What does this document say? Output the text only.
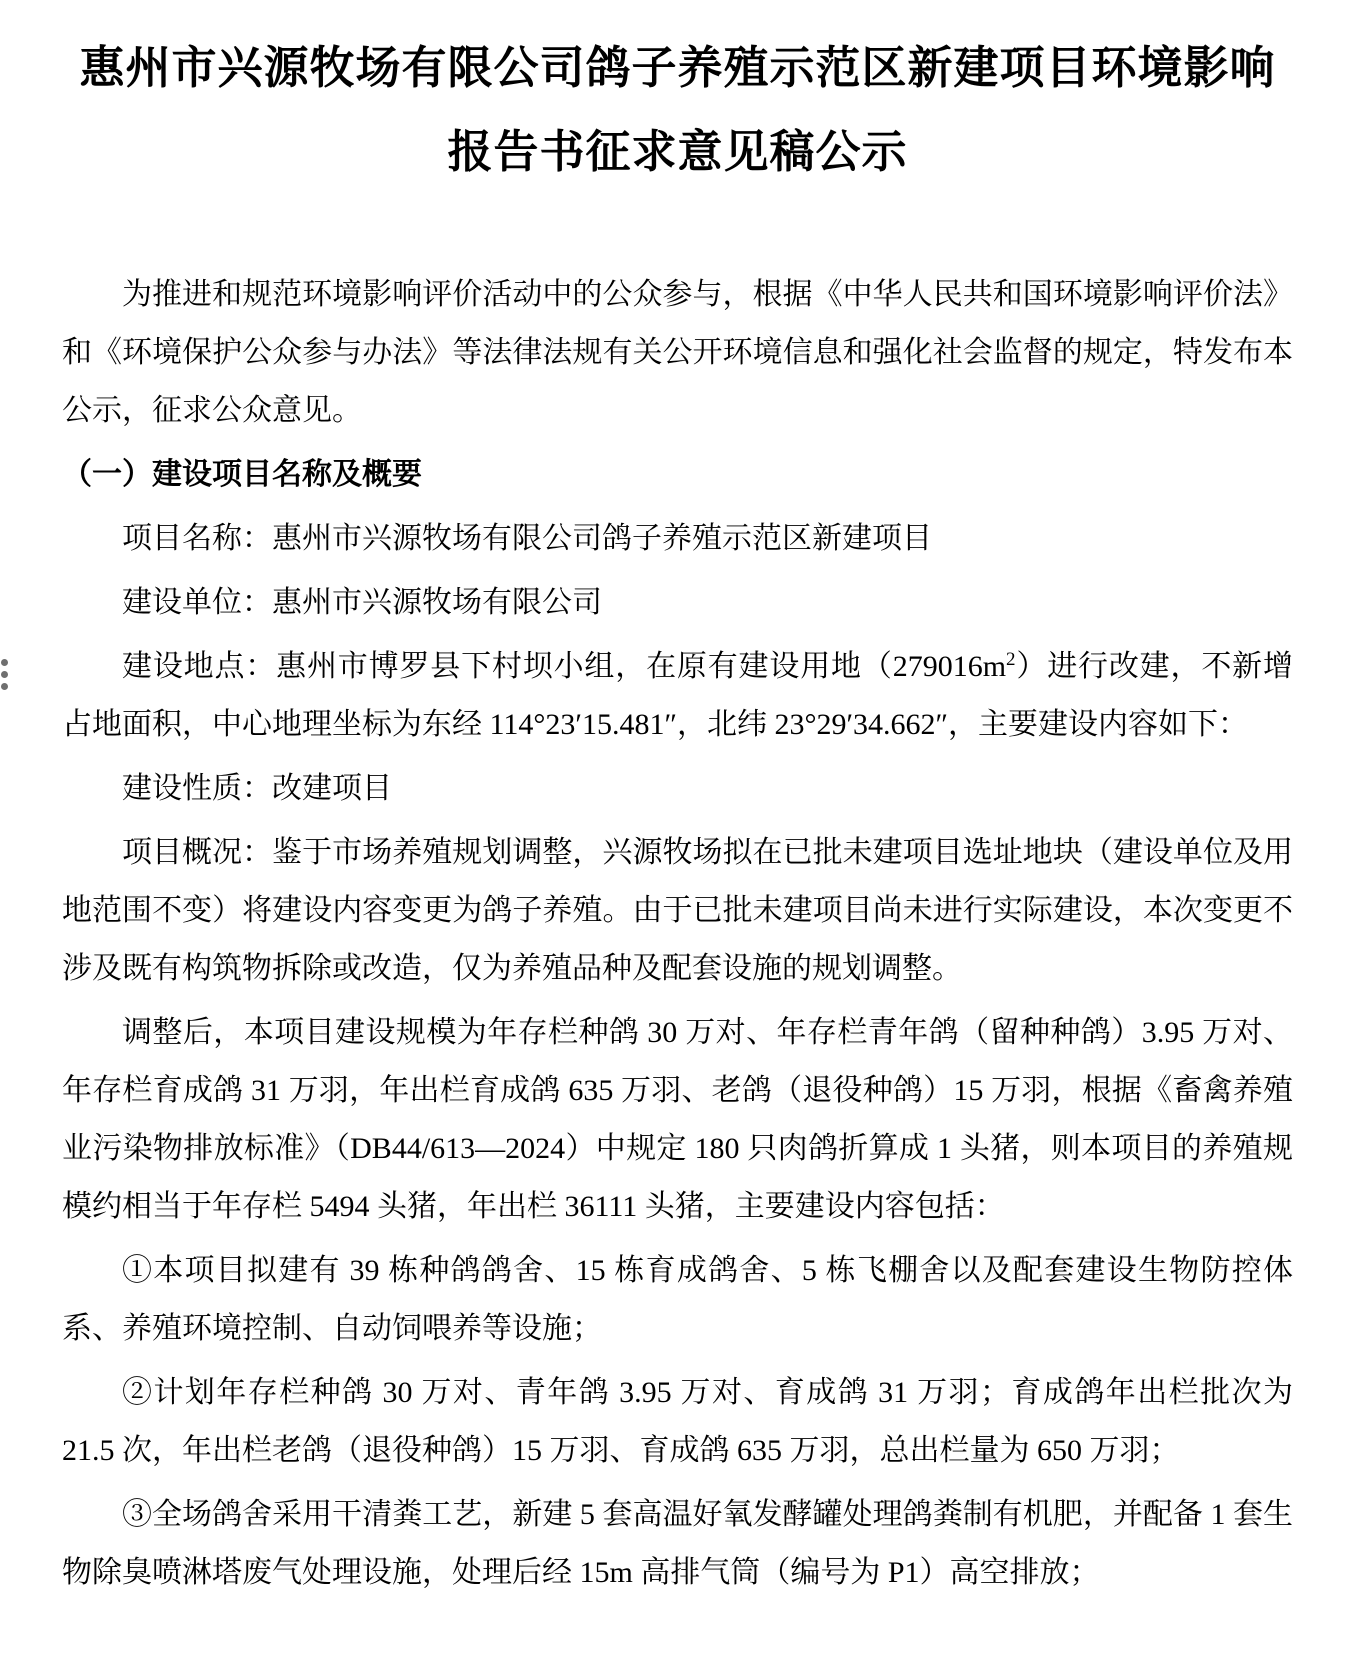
惠州市兴源牧场有限公司鸽子养殖示范区新建项目环境影响
报告书征求意见稿公示

为推进和规范环境影响评价活动中的公众参与，根据《中华人民共和国环境影响评价法》和《环境保护公众参与办法》等法律法规有关公开环境信息和强化社会监督的规定，特发布本公示，征求公众意见。

（一）建设项目名称及概要

项目名称：惠州市兴源牧场有限公司鸽子养殖示范区新建项目

建设单位：惠州市兴源牧场有限公司

建设地点：惠州市博罗县下村坝小组，在原有建设用地$(279016m^2)$进行改建，不新增占地面积，中心地理坐标为东经 114°23′15.481″，北纬 23°29′34.662″，主要建设内容如下：

建设性质：改建项目

项目概况：鉴于市场养殖规划调整，兴源牧场拟在已批未建项目选址地块（建设单位及用地范围不变）将建设内容变更为鸽子养殖。由于已批未建项目尚未进行实际建设，本次变更不涉及既有构筑物拆除或改造，仅为养殖品种及配套设施的规划调整。

调整后，本项目建设规模为年存栏种鸽 30 万对、年存栏青年鸽（留种种鸽）3.95 万对、年存栏育成鸽 31 万羽，年出栏育成鸽 635 万羽、老鸽（退役种鸽）15 万羽，根据《畜禽养殖业污染物排放标准》（DB44/613—2024）中规定 180 只肉鸽折算成 1 头猪，则本项目的养殖规模约相当于年存栏 5494 头猪，年出栏 36111 头猪，主要建设内容包括：

①本项目拟建有 39 栋种鸽鸽舍、15 栋育成鸽舍、5 栋飞棚舍以及配套建设生物防控体系、养殖环境控制、自动饲喂养等设施；

②计划年存栏种鸽 30 万对、青年鸽 3.95 万对、育成鸽 31 万羽；育成鸽年出栏批次为 21.5 次，年出栏老鸽（退役种鸽）15 万羽、育成鸽 635 万羽，总出栏量为 650 万羽；

③全场鸽舍采用干清粪工艺，新建 5 套高温好氧发酵罐处理鸽粪制有机肥，并配备 1 套生物除臭喷淋塔废气处理设施，处理后经 15m 高排气筒（编号为 P1）高空排放；
